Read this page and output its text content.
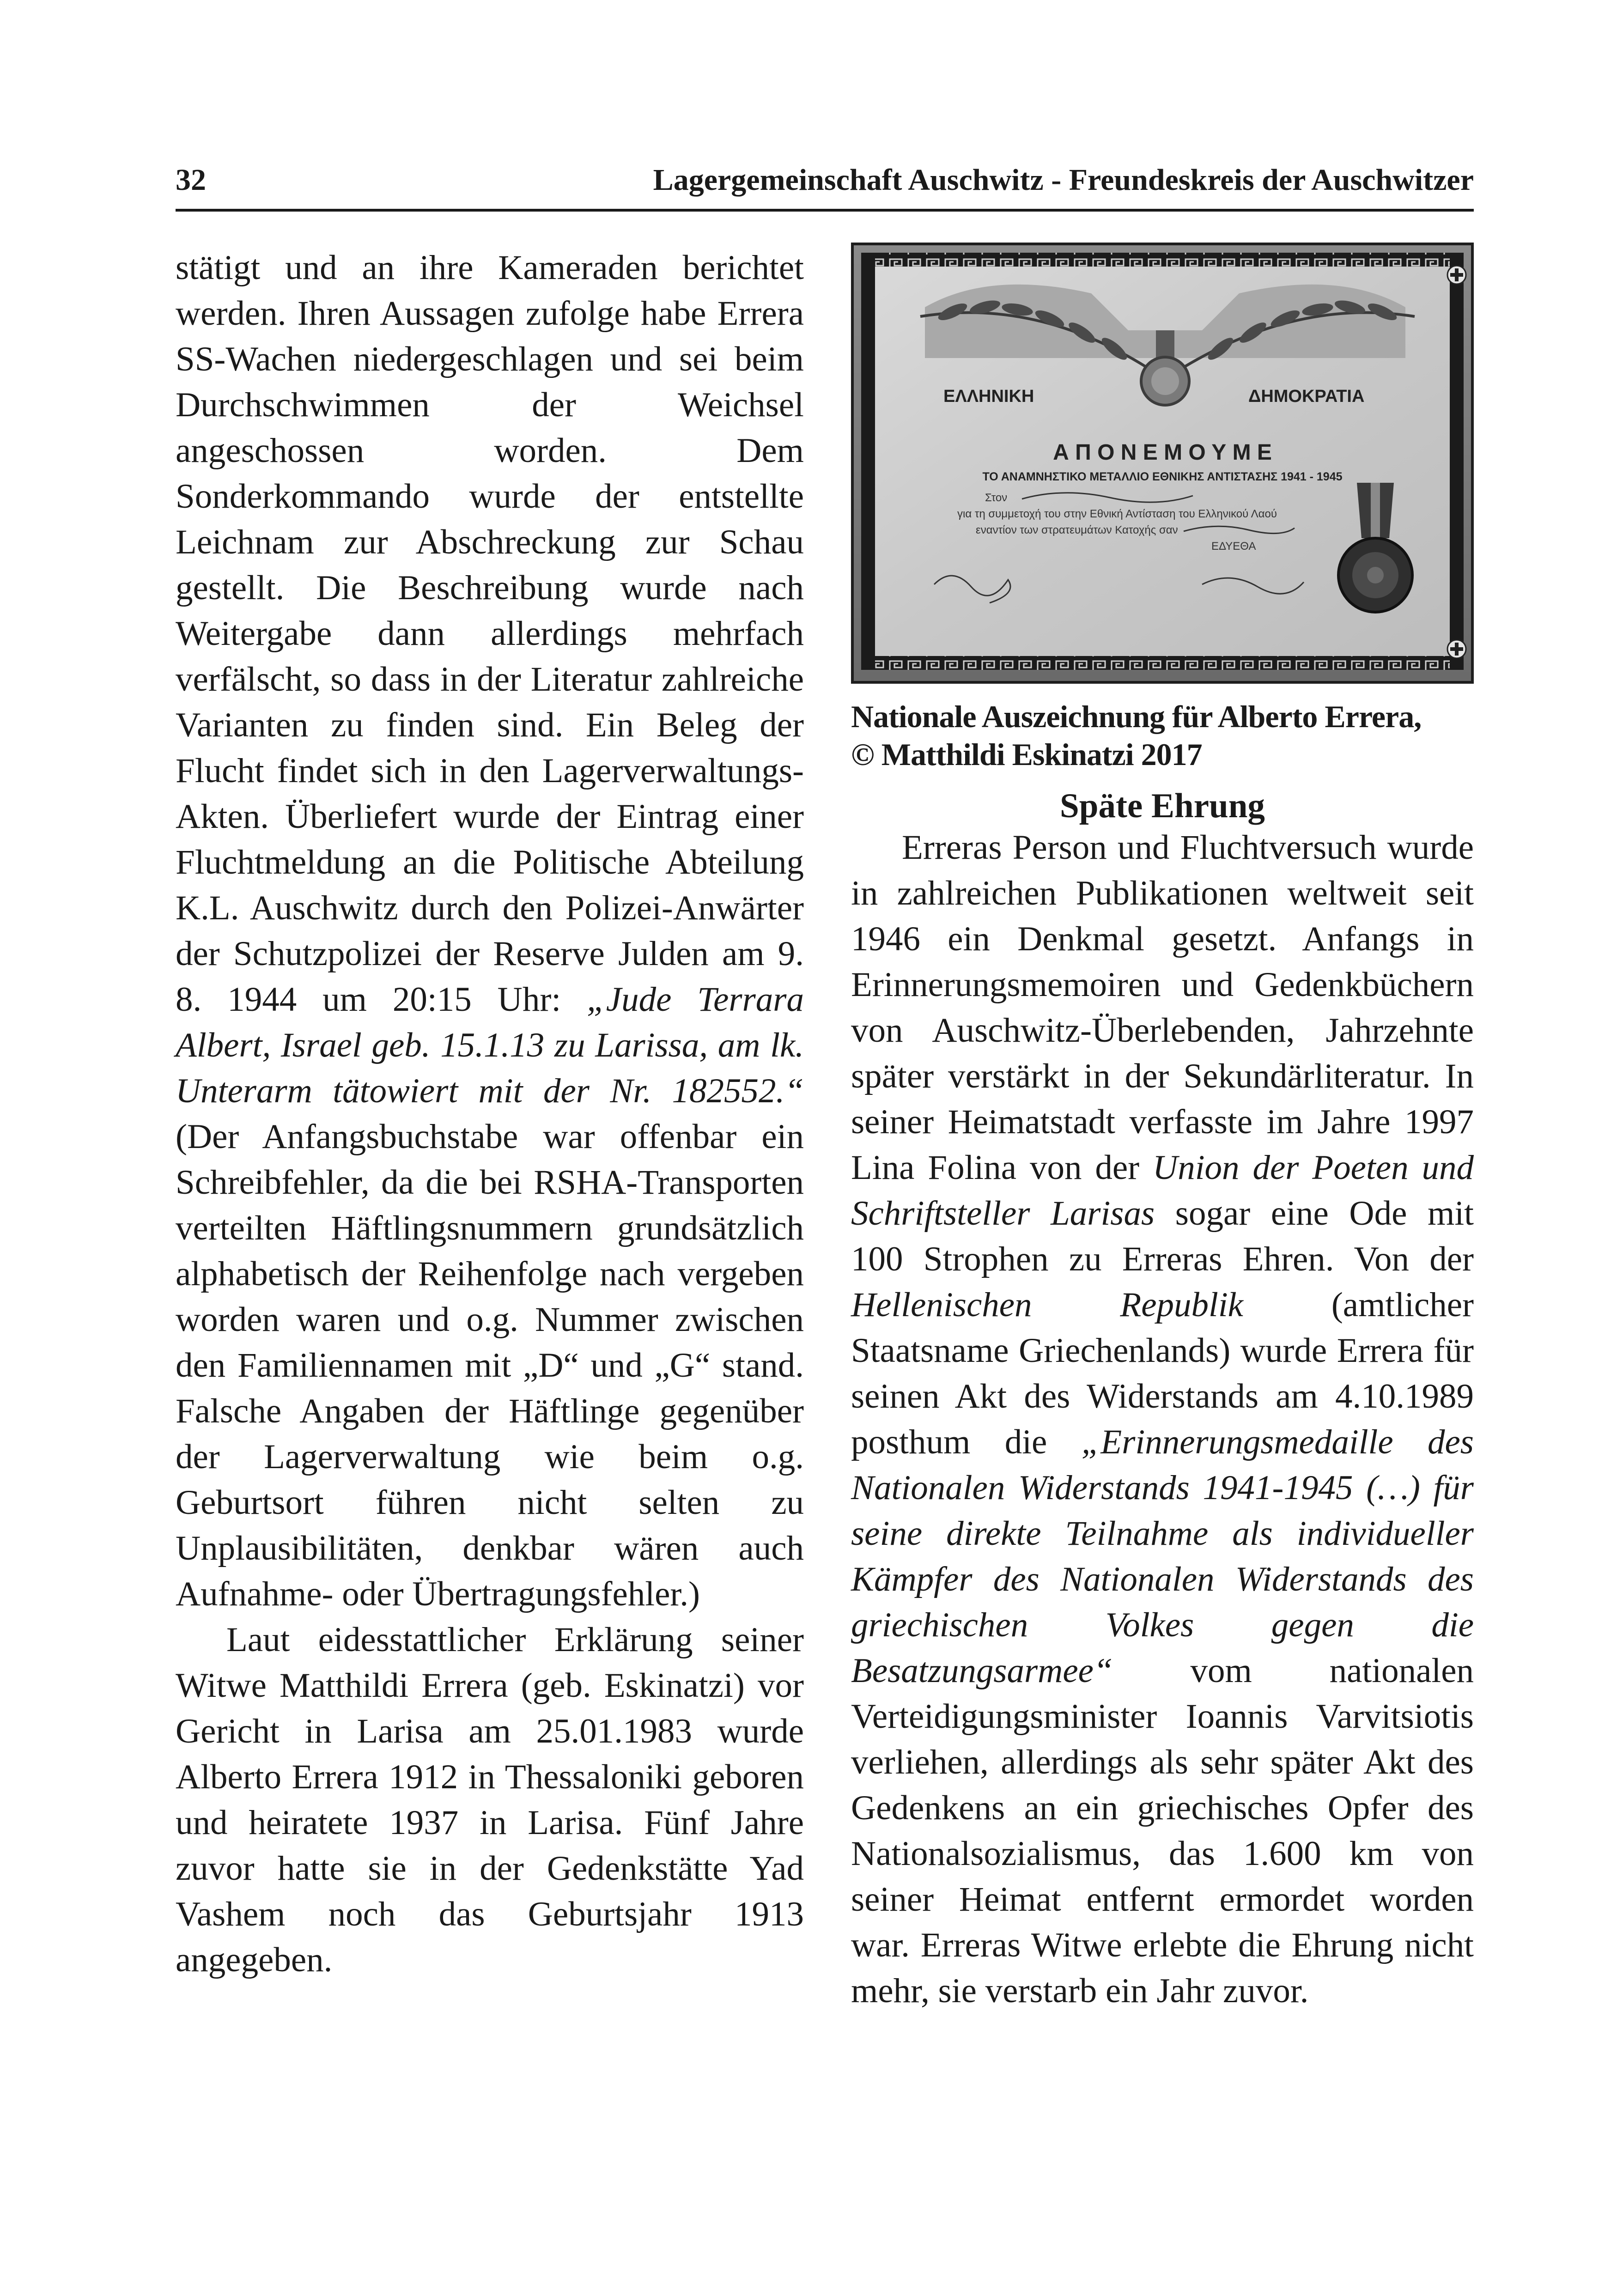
32	Lagergemeinschaft Auschwitz - Freundeskreis der Auschwitzer

stätigt und an ihre Kameraden berichtet werden. Ihren Aussagen zufolge habe Errera SS-Wachen niedergeschlagen und sei beim Durchschwimmen der Weichsel angeschossen worden. Dem Sonderkommando wurde der entstellte Leichnam zur Abschreckung zur Schau gestellt. Die Beschreibung wurde nach Weitergabe dann allerdings mehrfach verfälscht, so dass in der Literatur zahlreiche Varianten zu finden sind. Ein Beleg der Flucht findet sich in den Lagerverwaltungs-Akten. Überliefert wurde der Eintrag einer Fluchtmeldung an die Politische Abteilung K.L. Auschwitz durch den Polizei-Anwärter der Schutzpolizei der Reserve Julden am 9. 8. 1944 um 20:15 Uhr: „Jude Terrara Albert, Israel geb. 15.1.13 zu Larissa, am lk. Unterarm tätowiert mit der Nr. 182552.“ (Der Anfangsbuchstabe war offenbar ein Schreibfehler, da die bei RSHA-Transporten verteilten Häftlingsnummern grundsätzlich alphabetisch der Reihenfolge nach vergeben worden waren und o.g. Nummer zwischen den Familiennamen mit „D“ und „G“ stand. Falsche Angaben der Häftlinge gegenüber der Lagerverwaltung wie beim o.g. Geburtsort führen nicht selten zu Unplausibilitäten, denkbar wären auch Aufnahme- oder Übertragungsfehler.)

Laut eidesstattlicher Erklärung seiner Witwe Matthildi Errera (geb. Eskinatzi) vor Gericht in Larisa am 25.01.1983 wurde Alberto Errera 1912 in Thessaloniki geboren und heiratete 1937 in Larisa. Fünf Jahre zuvor hatte sie in der Gedenkstätte Yad Vashem noch das Geburtsjahr 1913 angegeben.

ΕΛΛΗΝΙΚΗ	ΔΗΜΟΚΡΑΤΙΑ
Α Π Ο Ν Ε Μ Ο Υ Μ Ε
ΤΟ ΑΝΑΜΝΗΣΤΙΚΟ ΜΕΤΑΛΛΙΟ ΕΘΝΙΚΗΣ ΑΝΤΙΣΤΑΣΗΣ 1941 - 1945
Στον
για τη συμμετοχή του στην Εθνική Αντίσταση του Ελληνικού Λαού
εναντίον των στρατευμάτων Κατοχής σαν
ΕΔΥΕΘΑ
Nationale Auszeichnung für Alberto Errera,
© Matthildi Eskinatzi 2017
Späte Ehrung

Erreras Person und Fluchtversuch wurde in zahlreichen Publikationen weltweit seit 1946 ein Denkmal gesetzt. Anfangs in Erinnerungsmemoiren und Gedenkbüchern von Auschwitz-Überlebenden, Jahrzehnte später verstärkt in der Sekundärliteratur. In seiner Heimatstadt verfasste im Jahre 1997 Lina Folina von der Union der Poeten und Schriftsteller Larisas sogar eine Ode mit 100 Strophen zu Erreras Ehren. Von der Hellenischen Republik (amtlicher Staatsname Griechenlands) wurde Errera für seinen Akt des Widerstands am 4.10.1989 posthum die „Erinnerungsmedaille des Nationalen Widerstands 1941-1945 (…) für seine direkte Teilnahme als individueller Kämpfer des Nationalen Widerstands des griechischen Volkes gegen die Besatzungsarmee“ vom nationalen Verteidigungsminister Ioannis Varvitsiotis verliehen, allerdings als sehr später Akt des Gedenkens an ein griechisches Opfer des Nationalsozialismus, das 1.600 km von seiner Heimat entfernt ermordet worden war. Erreras Witwe erlebte die Ehrung nicht mehr, sie verstarb ein Jahr zuvor.
